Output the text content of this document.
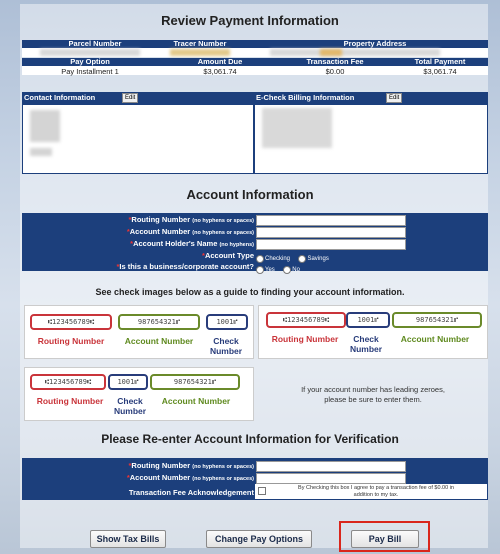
Review Payment Information
Parcel Number	Tracer Number	Property Address
Pay Option	Amount Due	Transaction Fee	Total Payment
Pay Installment 1	$3,061.74	$0.00	$3,061.74
Contact Information	Edit	E-Check Billing Information	Edit
Account Information
*Routing Number (no hyphens or spaces)
*Account Number (no hyphens or spaces)
*Account Holder's Name (no hyphens)
*Account Type	Checking	Savings
*Is this a business/corporate account?	Yes	No
See check images below as a guide to finding your account information.
⑆123456789⑆	987654321⑈	1001⑈
Routing Number	Account Number	Check
Number
⑆123456789⑆	1001⑈	987654321⑈
Routing Number	Check
Number
Account Number
⑆123456789⑆	1001⑈	987654321⑈
Routing Number	Check
Number
Account Number
If your account number has leading zeroes,
please be sure to enter them.
Please Re-enter Account Information for Verification
*Routing Number (no hyphens or spaces)
*Account Number (no hyphens or spaces)
Transaction Fee Acknowledgement	By Checking this box I agree to pay a transaction fee of $0.00 in
addition to my tax.
Show Tax Bills	Change Pay Options	Pay Bill
